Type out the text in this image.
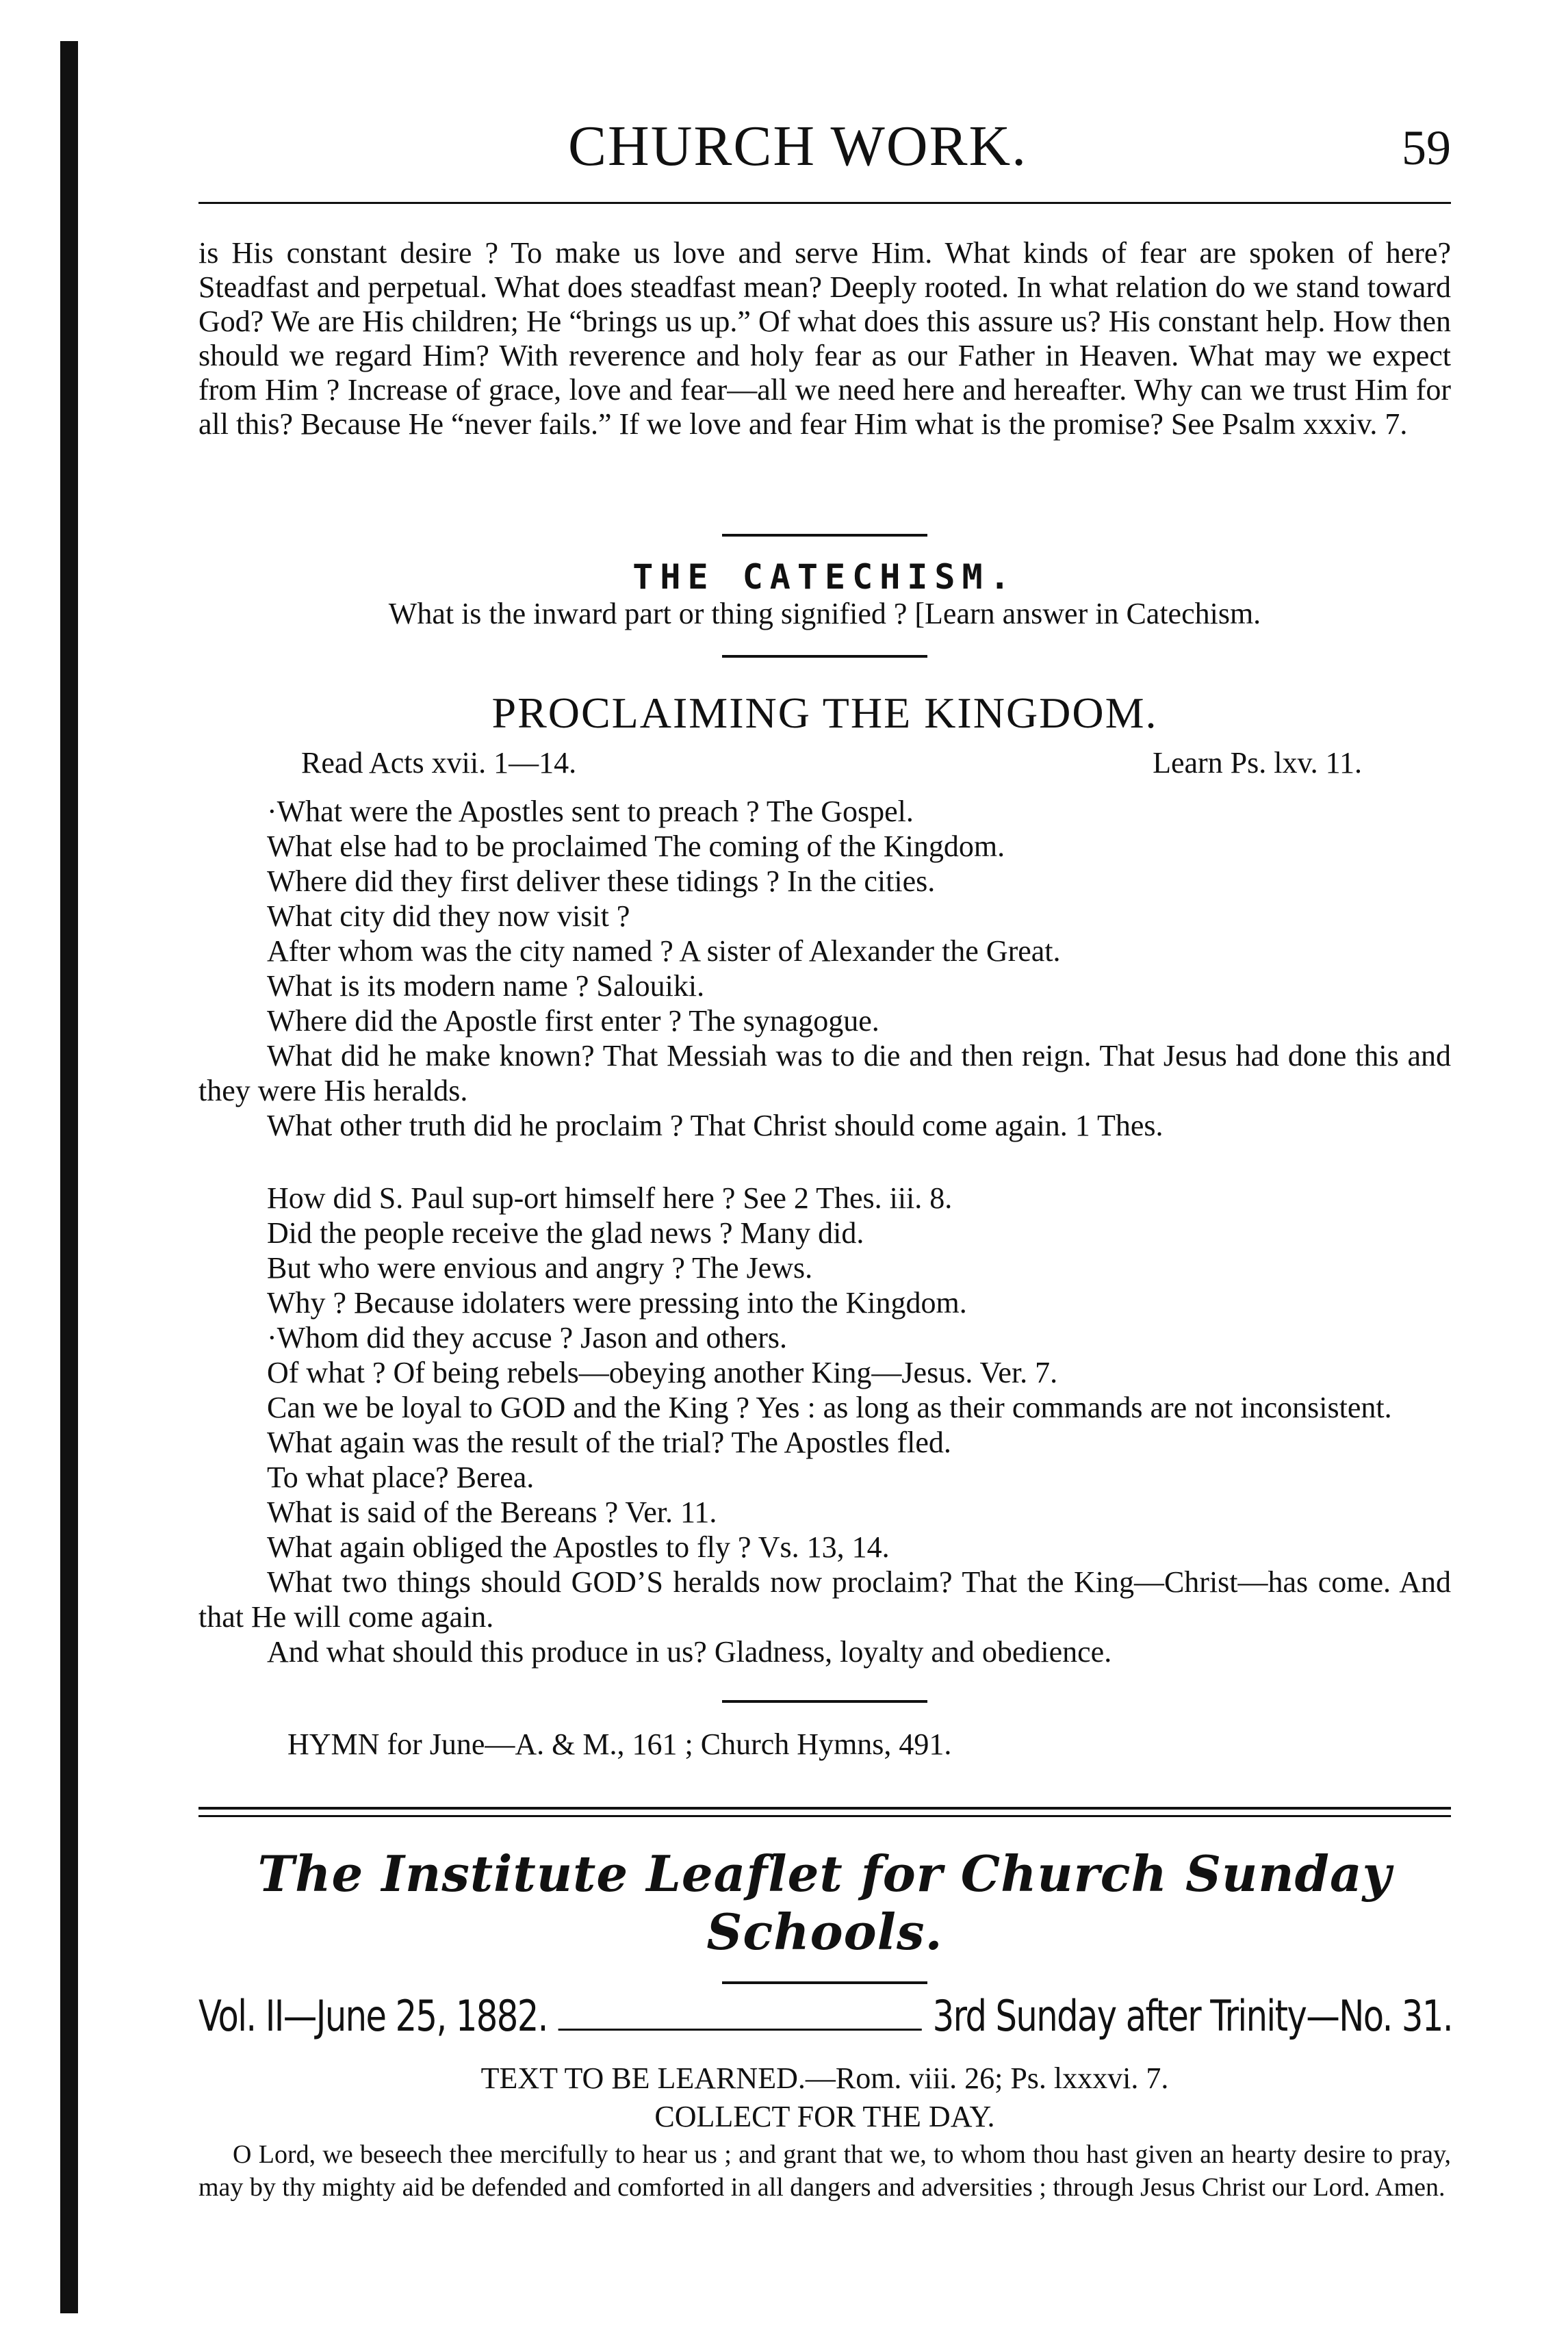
CHURCH WORK.	59
is His constant desire ? To make us love and serve Him. What kinds of fear are spoken of here? Steadfast and perpetual. What does steadfast mean? Deeply rooted. In what relation do we stand toward God? We are His children; He “brings us up.” Of what does this assure us? His constant help. How then should we regard Him? With reverence and holy fear as our Father in Heaven. What may we expect from Him ? Increase of grace, love and fear—all we need here and hereafter. Why can we trust Him for all this? Because He “never fails.” If we love and fear Him what is the promise? See Psalm xxxiv. 7.
THE CATECHISM.
What is the inward part or thing signified ? [Learn answer in Catechism.
PROCLAIMING THE KINGDOM.
Read Acts xvii. 1—14.	Learn Ps. lxv. 11.
·What were the Apostles sent to preach ? The Gospel.
What else had to be proclaimed The coming of the Kingdom.
Where did they first deliver these tidings ? In the cities.
What city did they now visit ?
After whom was the city named ? A sister of Alexander the Great.
What is its modern name ? Salouiki.
Where did the Apostle first enter ? The synagogue.
What did he make known? That Messiah was to die and then reign. That Jesus had done this and they were His heralds.
What other truth did he proclaim ? That Christ should come again. 1 Thes.
How did S. Paul sup-ort himself here ? See 2 Thes. iii. 8.
Did the people receive the glad news ? Many did.
But who were envious and angry ? The Jews.
Why ? Because idolaters were pressing into the Kingdom.
·Whom did they accuse ? Jason and others.
Of what ? Of being rebels—obeying another King—Jesus. Ver. 7.
Can we be loyal to GOD and the King ? Yes : as long as their commands are not inconsistent.
What again was the result of the trial? The Apostles fled.
To what place? Berea.
What is said of the Bereans ? Ver. 11.
What again obliged the Apostles to fly ? Vs. 13, 14.
What two things should GOD’S heralds now proclaim? That the King—Christ—has come. And that He will come again.
And what should this produce in us? Gladness, loyalty and obedience.
HYMN for June—A. & M., 161 ; Church Hymns, 491.
The Institute Leaflet for Church Sunday Schools.
Vol. II—June 25, 1882.	3rd Sunday after Trinity—No. 31.
TEXT TO BE LEARNED.—Rom. viii. 26; Ps. lxxxvi. 7.
COLLECT FOR THE DAY.
O Lord, we beseech thee mercifully to hear us ; and grant that we, to whom thou hast given an hearty desire to pray, may by thy mighty aid be defended and comforted in all dangers and adversities ; through Jesus Christ our Lord. Amen.
